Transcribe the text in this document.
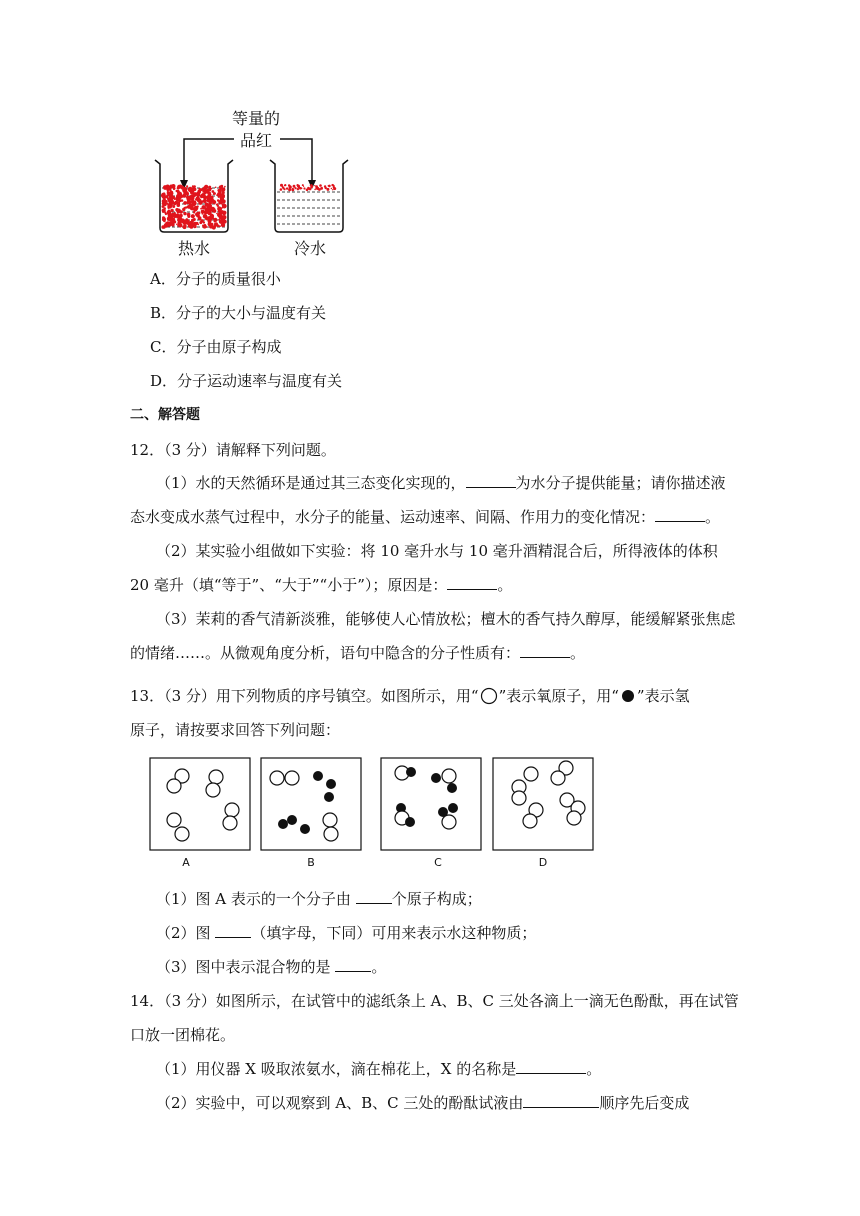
等量的
品红
热水	冷水
A．分子的质量很小
B．分子的大小与温度有关
C．分子由原子构成
D．分子运动速率与温度有关
二、解答题
12．（3 分）请解释下列问题。
（1）水的天然循环是通过其三态变化实现的，	为水分子提供能量；请你描述液
态水变成水蒸气过程中，水分子的能量、运动速率、间隔、作用力的变化情况：	。
（2）某实验小组做如下实验：将 10 毫升水与 10 毫升酒精混合后，所得液体的体积
20 毫升（填“等于”、“大于”“小于”）；原因是：	。
（3）茉莉的香气清新淡雅，能够使人心情放松；檀木的香气持久醇厚，能缓解紧张焦虑
的情绪……。从微观角度分析，语句中隐含的分子性质有：	。
13．（3 分）用下列物质的序号镇空。如图所示，用“ ”表示氧原子，用“ ”表示氢
原子，请按要求回答下列问题：
A	B	C	D
（1）图 A 表示的一个分子由	个原子构成；
（2）图	（填字母，下同）可用来表示水这种物质；
（3）图中表示混合物的是	。
14．（3 分）如图所示，在试管中的滤纸条上 A、B、C 三处各滴上一滴无色酚酞，再在试管
口放一团棉花。
（1）用仪器 X 吸取浓氨水，滴在棉花上，X 的名称是	。
（2）实验中，可以观察到 A、B、C 三处的酚酞试液由	顺序先后变成
